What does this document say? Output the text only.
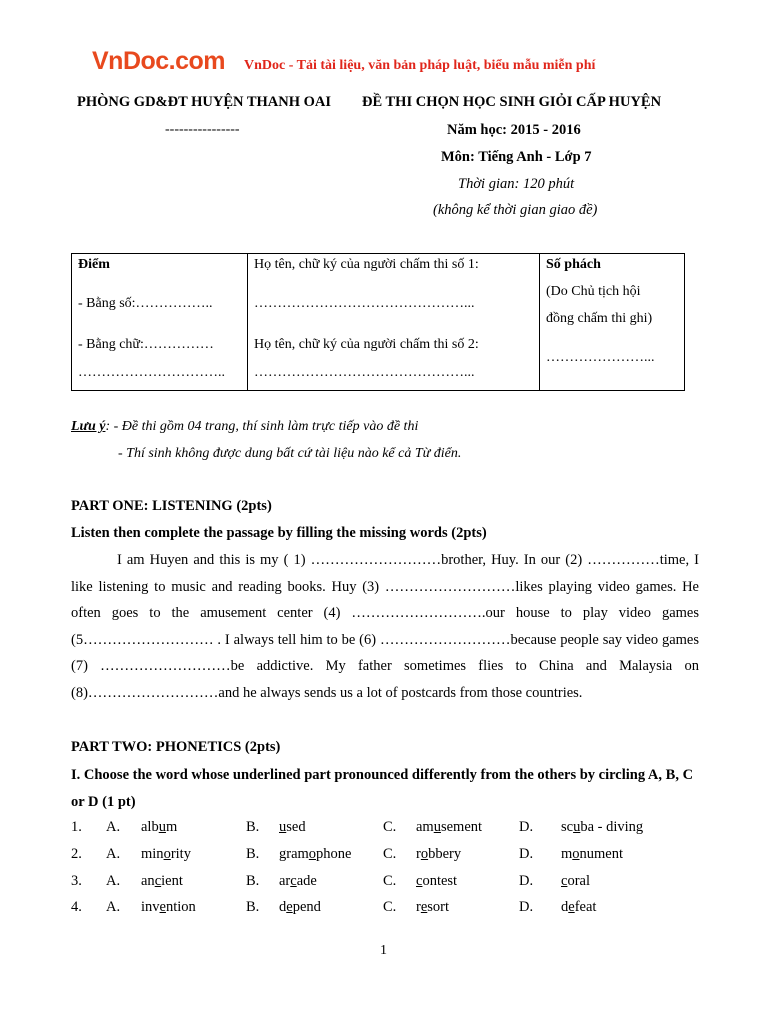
VnDoc.com VnDoc - Tải tài liệu, văn bản pháp luật, biểu mẫu miễn phí
PHÒNG GD&ĐT HUYỆN THANH OAI
----------------
ĐỀ THI CHỌN HỌC SINH GIỎI CẤP HUYỆN
Năm học: 2015 - 2016
Môn: Tiếng Anh - Lớp 7
Thời gian: 120 phút
(không kể thời gian giao đề)
Điểm
- Bằng số:……………..
- Bằng chữ:……………
…………………………..
Họ tên, chữ ký của người chấm thi số 1:
………………………………………...
Họ tên, chữ ký của người chấm thi số 2:
………………………………………...
Số phách
(Do Chủ tịch hội
đồng chấm thi ghi)
…………………...
Lưu ý: - Đề thi gồm 04 trang, thí sinh làm trực tiếp vào đề thi
- Thí sinh không được dung bất cứ tài liệu nào kể cả Từ điển.
PART ONE: LISTENING (2pts)
Listen then complete the passage by filling the missing words (2pts)
I am Huyen and this is my ( 1) ………………………brother, Huy. In our (2) ……………time, I like listening to music and reading books. Huy (3) ………………………likes playing video games. He often goes to the amusement center (4) ……………………….our house to play video games (5……………………… . I always tell him to be (6) ………………………because people say video games (7) ………………………be addictive. My father sometimes flies to China and Malaysia on (8)………………………and he always sends us a lot of postcards from those countries.
PART TWO: PHONETICS (2pts)
I. Choose the word whose underlined part pronounced differently from the others by circling A, B, C or D (1 pt)
1. A. album	B. used	C. amusement	D. scuba - diving
2. A. minority	B. gramophone C. robbery	D. monument
3. A. ancient	B. arcade	C. contest	D. coral
4. A. invention	B. depend	C. resort	D. defeat
1
